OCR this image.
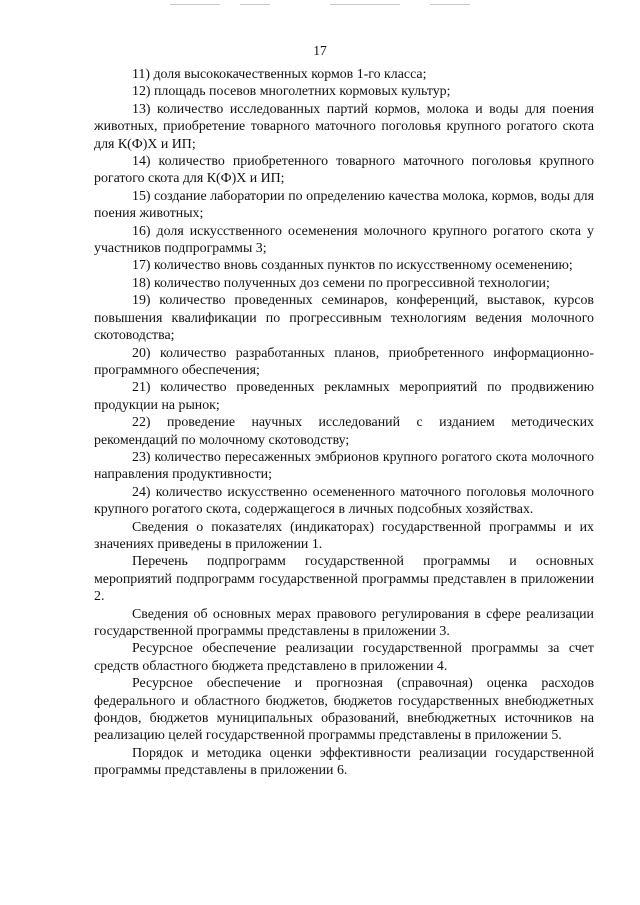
17

11) доля высококачественных кормов 1-го класса;

12) площадь посевов многолетних кормовых культур;

13) количество исследованных партий кормов, молока и воды для поения животных, приобретение товарного маточного поголовья крупного рогатого скота для К(Ф)Х и ИП;

14) количество приобретенного товарного маточного поголовья крупного рогатого скота для К(Ф)Х и ИП;

15) создание лаборатории по определению качества молока, кормов, воды для поения животных;

16) доля искусственного осеменения молочного крупного рогатого скота у участников подпрограммы 3;

17) количество вновь созданных пунктов по искусственному осеменению;

18) количество полученных доз семени по прогрессивной технологии;

19) количество проведенных семинаров, конференций, выставок, курсов повышения квалификации по прогрессивным технологиям ведения молочного скотоводства;

20) количество разработанных планов, приобретенного информационно-программного обеспечения;

21) количество проведенных рекламных мероприятий по продвижению продукции на рынок;

22) проведение научных исследований с изданием методических рекомендаций по молочному скотоводству;

23) количество пересаженных эмбрионов крупного рогатого скота молочного направления продуктивности;

24) количество искусственно осемененного маточного поголовья молочного крупного рогатого скота, содержащегося в личных подсобных хозяйствах.

Сведения о показателях (индикаторах) государственной программы и их значениях приведены в приложении 1.

Перечень подпрограмм государственной программы и основных мероприятий подпрограмм государственной программы представлен в приложении 2.

Сведения об основных мерах правового регулирования в сфере реализации государственной программы представлены в приложении 3.

Ресурсное обеспечение реализации государственной программы за счет средств областного бюджета представлено в приложении 4.

Ресурсное обеспечение и прогнозная (справочная) оценка расходов федерального и областного бюджетов, бюджетов государственных внебюджетных фондов, бюджетов муниципальных образований, внебюджетных источников на реализацию целей государственной программы представлены в приложении 5.

Порядок и методика оценки эффективности реализации государственной программы представлены в приложении 6.
